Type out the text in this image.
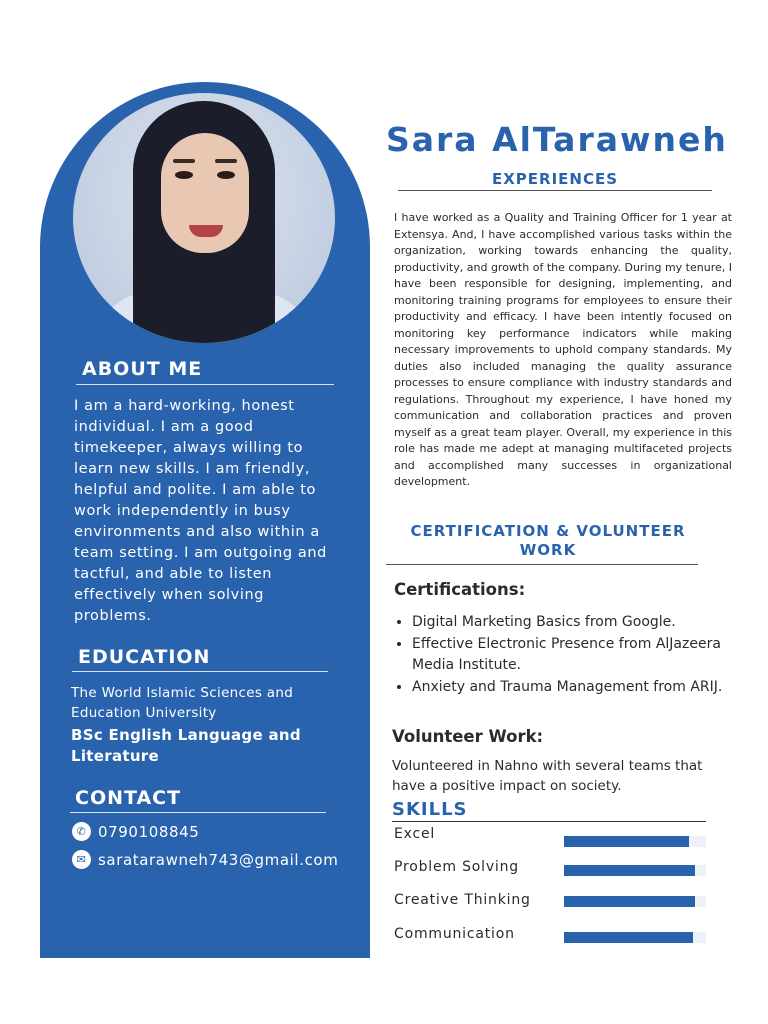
ABOUT ME
I am a hard-working, honest individual. I am a good timekeeper, always willing to learn new skills. I am friendly, helpful and polite. I am able to work independently in busy environments and also within a team setting. I am outgoing and tactful, and able to listen effectively when solving problems.
EDUCATION
The World Islamic Sciences and Education University
BSc English Language and Literature
CONTACT
✆ 0790108845
✉ saratarawneh743@gmail.com
Sara AlTarawneh
EXPERIENCES
I have worked as a Quality and Training Officer for 1 year at Extensya. And, I have accomplished various tasks within the organization, working towards enhancing the quality, productivity, and growth of the company. During my tenure, I have been responsible for designing, implementing, and monitoring training programs for employees to ensure their productivity and efficacy. I have been intently focused on monitoring key performance indicators while making necessary improvements to uphold company standards. My duties also included managing the quality assurance processes to ensure compliance with industry standards and regulations. Throughout my experience, I have honed my communication and collaboration practices and proven myself as a great team player. Overall, my experience in this role has made me adept at managing multifaceted projects and accomplished many successes in organizational development.
CERTIFICATION & VOLUNTEER WORK
Certifications:
• Digital Marketing Basics from Google.
• Effective Electronic Presence from AlJazeera Media Institute.
• Anxiety and Trauma Management from ARIJ.
Volunteer Work:
Volunteered in Nahno with several teams that have a positive impact on society.
SKILLS
Excel
Problem Solving
Creative Thinking
Communication
